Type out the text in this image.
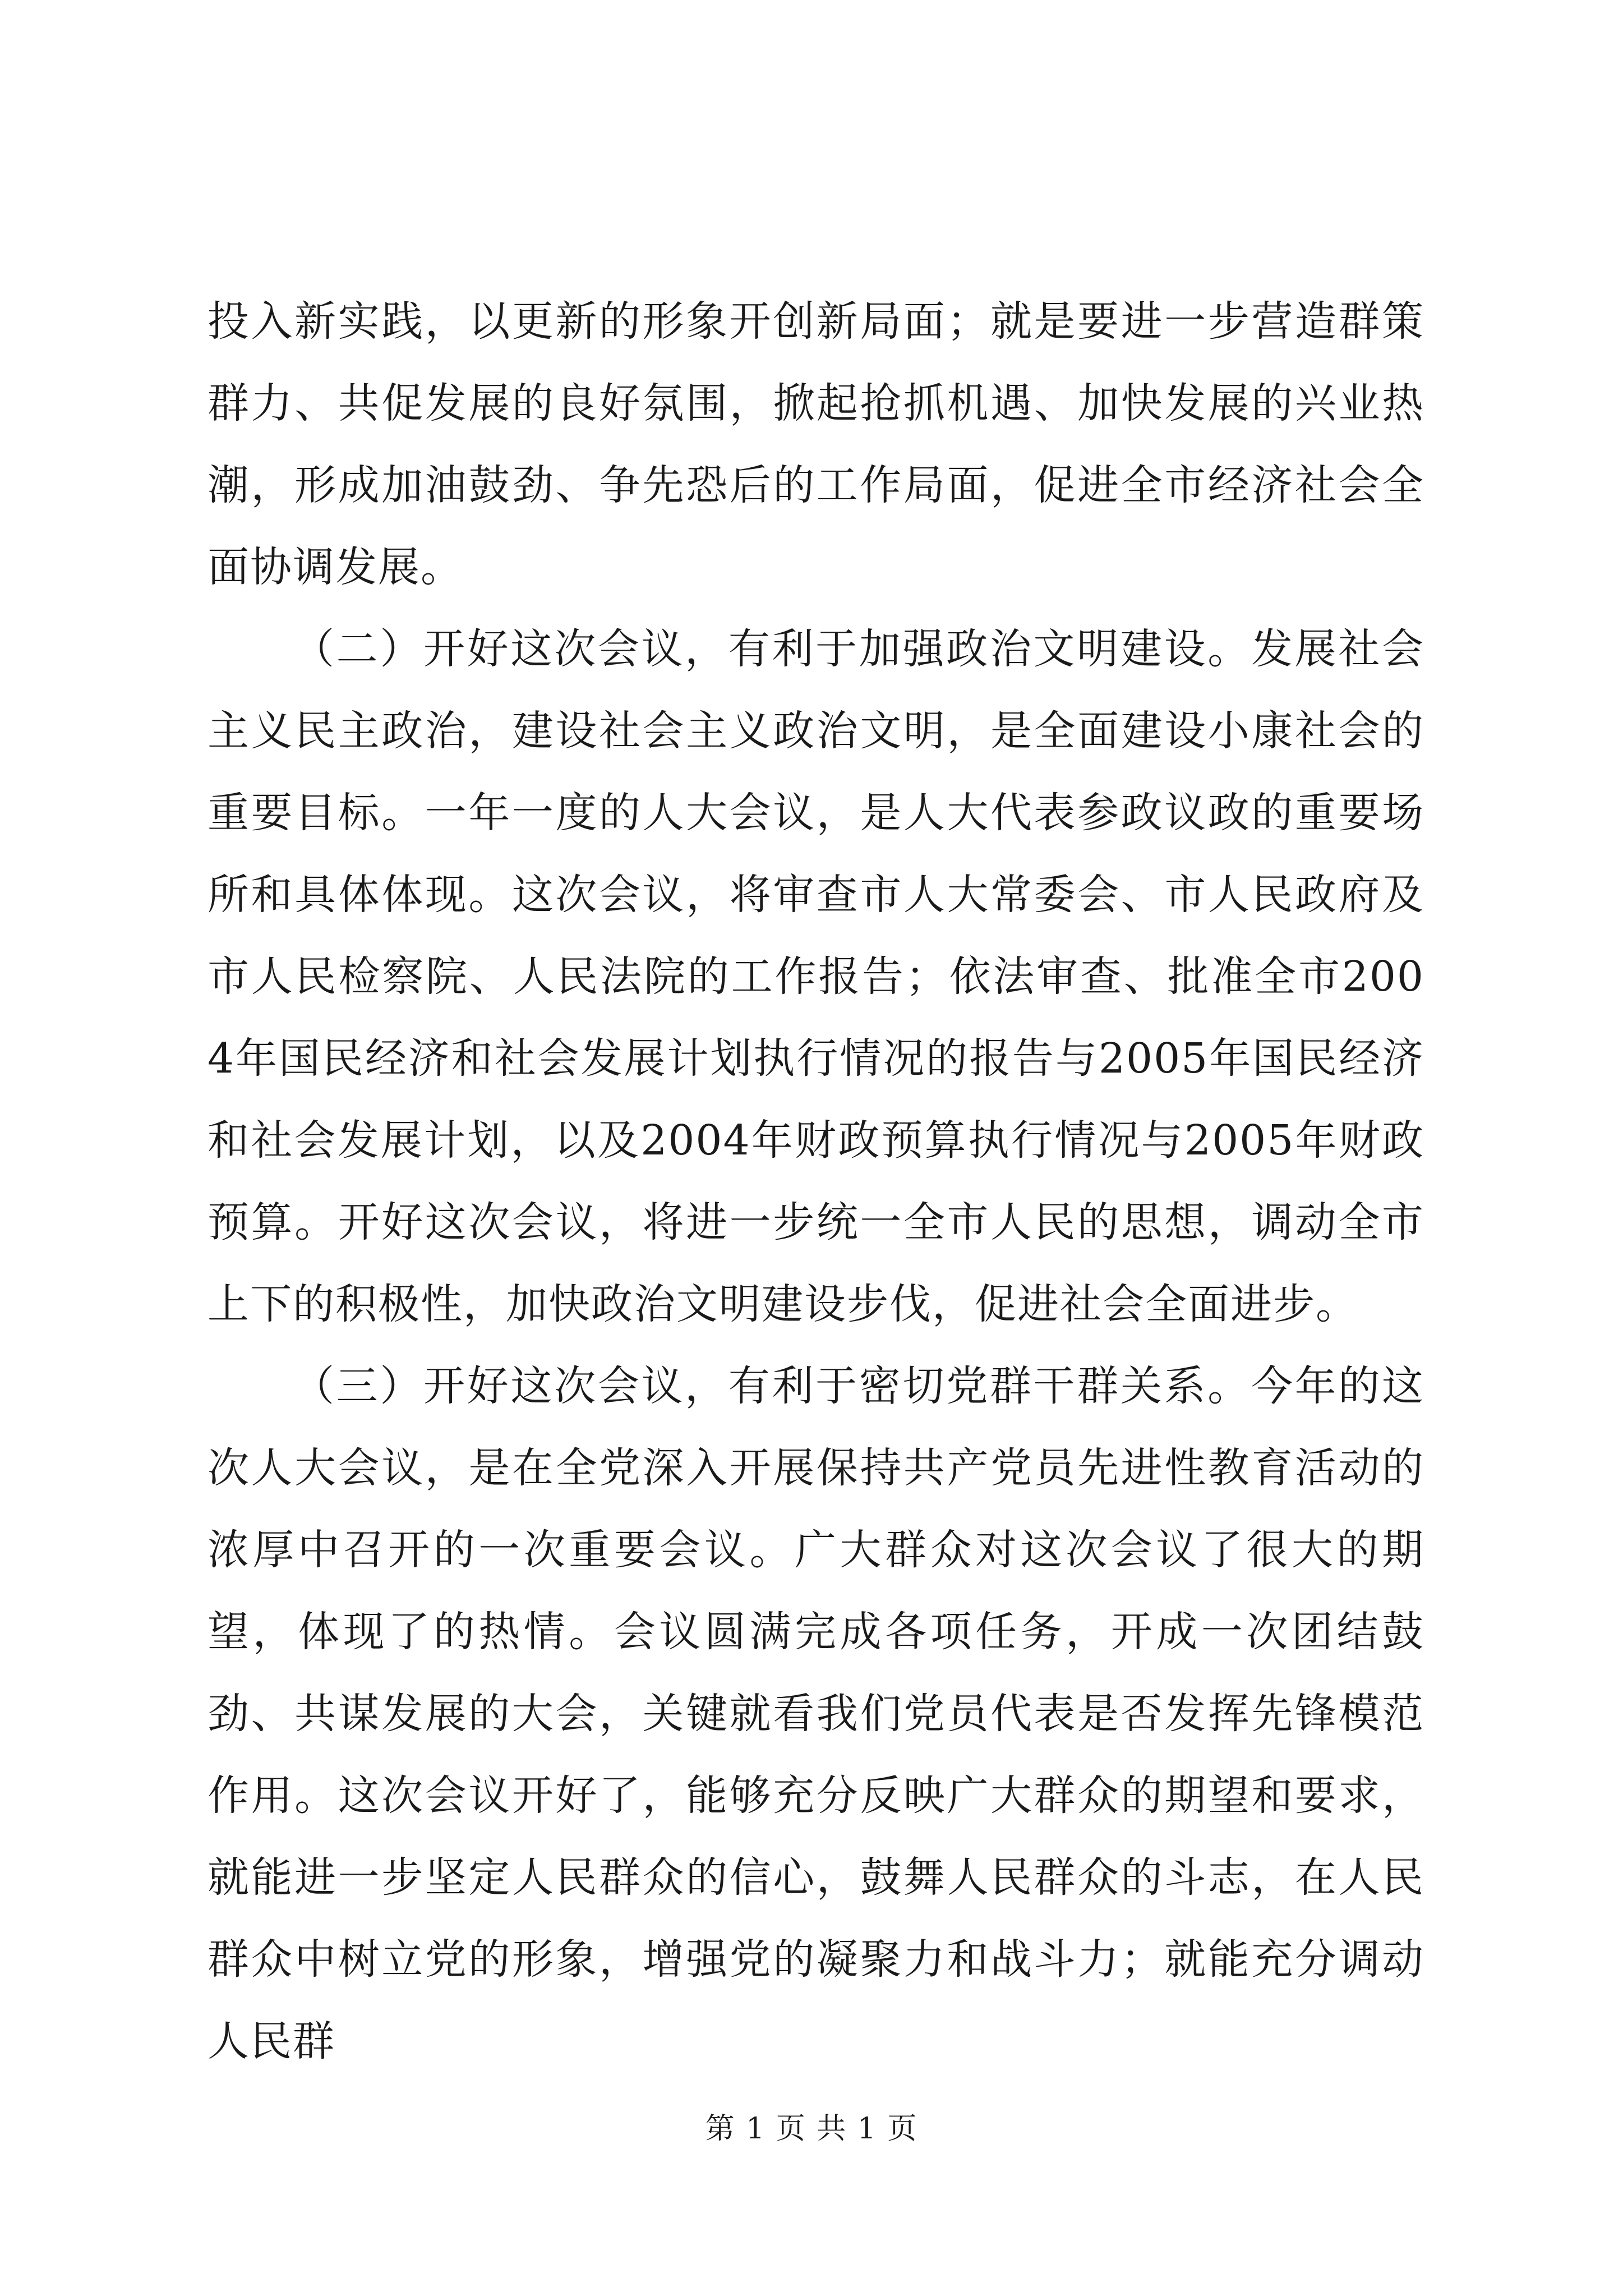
投入新实践，以更新的形象开创新局面；就是要进一步营造群策群力、共促发展的良好氛围，掀起抢抓机遇、加快发展的兴业热潮，形成加油鼓劲、争先恐后的工作局面，促进全市经济社会全面协调发展。

（二）开好这次会议，有利于加强政治文明建设。发展社会主义民主政治，建设社会主义政治文明，是全面建设小康社会的重要目标。一年一度的人大会议，是人大代表参政议政的重要场所和具体体现。这次会议，将审查市人大常委会、市人民政府及市人民检察院、人民法院的工作报告；依法审查、批准全市2004年国民经济和社会发展计划执行情况的报告与2005年国民经济和社会发展计划，以及2004年财政预算执行情况与2005年财政预算。开好这次会议，将进一步统一全市人民的思想，调动全市上下的积极性，加快政治文明建设步伐，促进社会全面进步。

（三）开好这次会议，有利于密切党群干群关系。今年的这次人大会议，是在全党深入开展保持共产党员先进性教育活动的浓厚中召开的一次重要会议。广大群众对这次会议了很大的期望，体现了的热情。会议圆满完成各项任务，开成一次团结鼓劲、共谋发展的大会，关键就看我们党员代表是否发挥先锋模范作用。这次会议开好了，能够充分反映广大群众的期望和要求，就能进一步坚定人民群众的信心，鼓舞人民群众的斗志，在人民群众中树立党的形象，增强党的凝聚力和战斗力；就能充分调动人民群

第 1 页 共 1 页
